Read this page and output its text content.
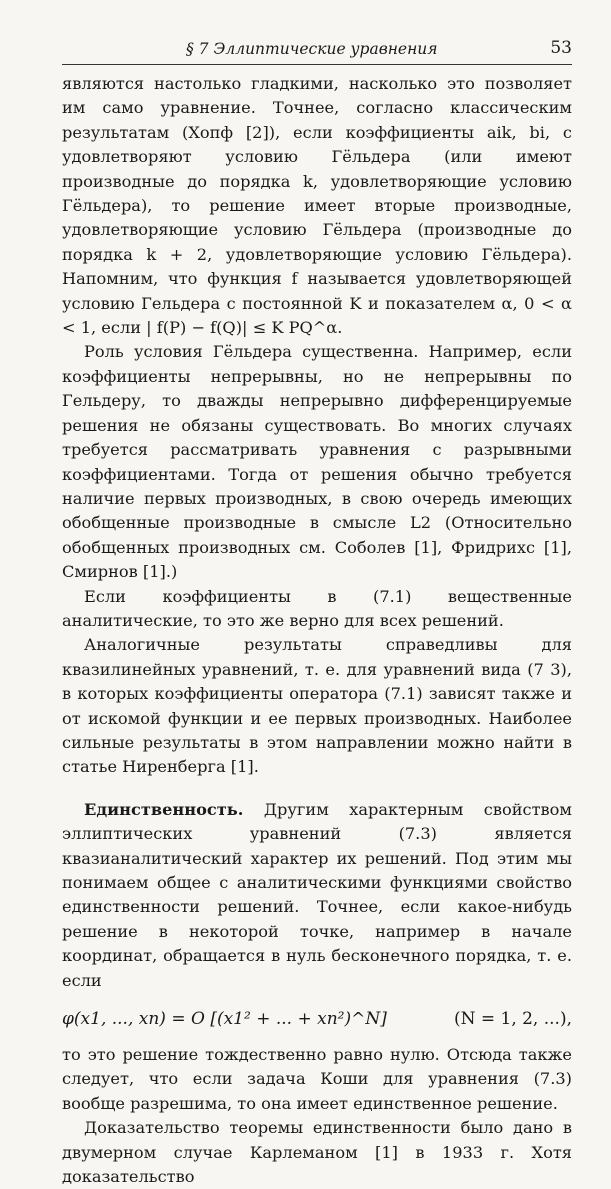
§ 7 Эллиптические уравнения	53

являются настолько гладкими, насколько это позволяет им само уравнение. Точнее, согласно классическим результатам (Хопф [2]), если коэффициенты aik, bi, c удовлетворяют условию Гёльдера (или имеют производные до порядка k, удовлетворяющие условию Гёльдера), то решение имеет вторые производные, удовлетворяющие условию Гёльдера (производные до порядка k + 2, удовлетворяющие условию Гёльдера). Напомним, что функция f называется удовлетворяющей условию Гельдера с постоянной K и показателем α, 0 < α < 1, если | f(P) − f(Q)| ≤ K PQ^α.

Роль условия Гёльдера существенна. Например, если коэффициенты непрерывны, но не непрерывны по Гельдеру, то дважды непрерывно дифференцируемые решения не обязаны существовать. Во многих случаях требуется рассматривать уравнения с разрывными коэффициентами. Тогда от решения обычно требуется наличие первых производных, в свою очередь имеющих обобщенные производные в смысле L2 (Относительно обобщенных производных см. Соболев [1], Фридрихс [1], Смирнов [1].)

Если коэффициенты в (7.1) вещественные аналитические, то это же верно для всех решений.

Аналогичные результаты справедливы для квазилинейных уравнений, т. е. для уравнений вида (7 3), в которых коэффициенты оператора (7.1) зависят также и от искомой функции и ее первых производных. Наиболее сильные результаты в этом направлении можно найти в статье Ниренберга [1].

Единственность. Другим характерным свойством эллиптических уравнений (7.3) является квазианалитический характер их решений. Под этим мы понимаем общее с аналитическими функциями свойство единственности решений. Точнее, если какое-нибудь решение в некоторой точке, например в начале координат, обращается в нуль бесконечного порядка, т. е. если

φ(x1, ..., xn) = O [(x1² + ... + xn²)^N]	(N = 1, 2, ...),

то это решение тождественно равно нулю. Отсюда также следует, что если задача Коши для уравнения (7.3) вообще разрешима, то она имеет единственное решение.

Доказательство теоремы единственности было дано в двумерном случае Карлеманом [1] в 1933 г. Хотя доказательство
